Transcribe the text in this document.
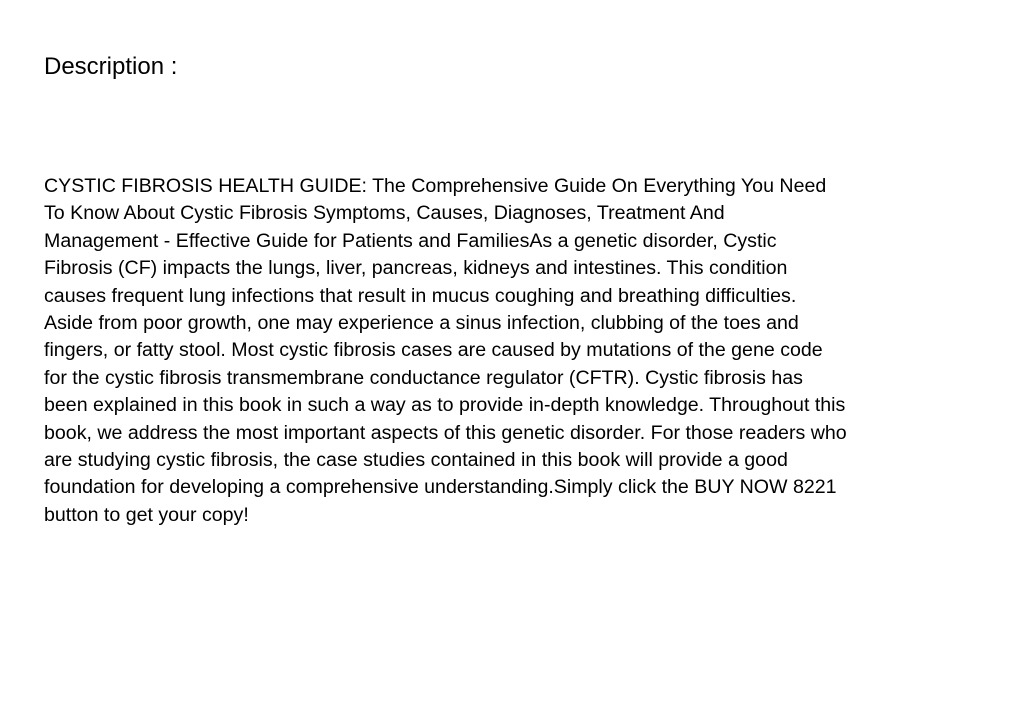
Description :

CYSTIC FIBROSIS HEALTH GUIDE: The Comprehensive Guide On Everything You Need
To Know About Cystic Fibrosis Symptoms, Causes, Diagnoses, Treatment And
Management - Effective Guide for Patients and FamiliesAs a genetic disorder, Cystic
Fibrosis (CF) impacts the lungs, liver, pancreas, kidneys and intestines. This condition
causes frequent lung infections that result in mucus coughing and breathing difficulties.
Aside from poor growth, one may experience a sinus infection, clubbing of the toes and
fingers, or fatty stool. Most cystic fibrosis cases are caused by mutations of the gene code
for the cystic fibrosis transmembrane conductance regulator (CFTR). Cystic fibrosis has
been explained in this book in such a way as to provide in-depth knowledge. Throughout this
book, we address the most important aspects of this genetic disorder. For those readers who
are studying cystic fibrosis, the case studies contained in this book will provide a good
foundation for developing a comprehensive understanding.Simply click the BUY NOW 8221
button to get your copy!
